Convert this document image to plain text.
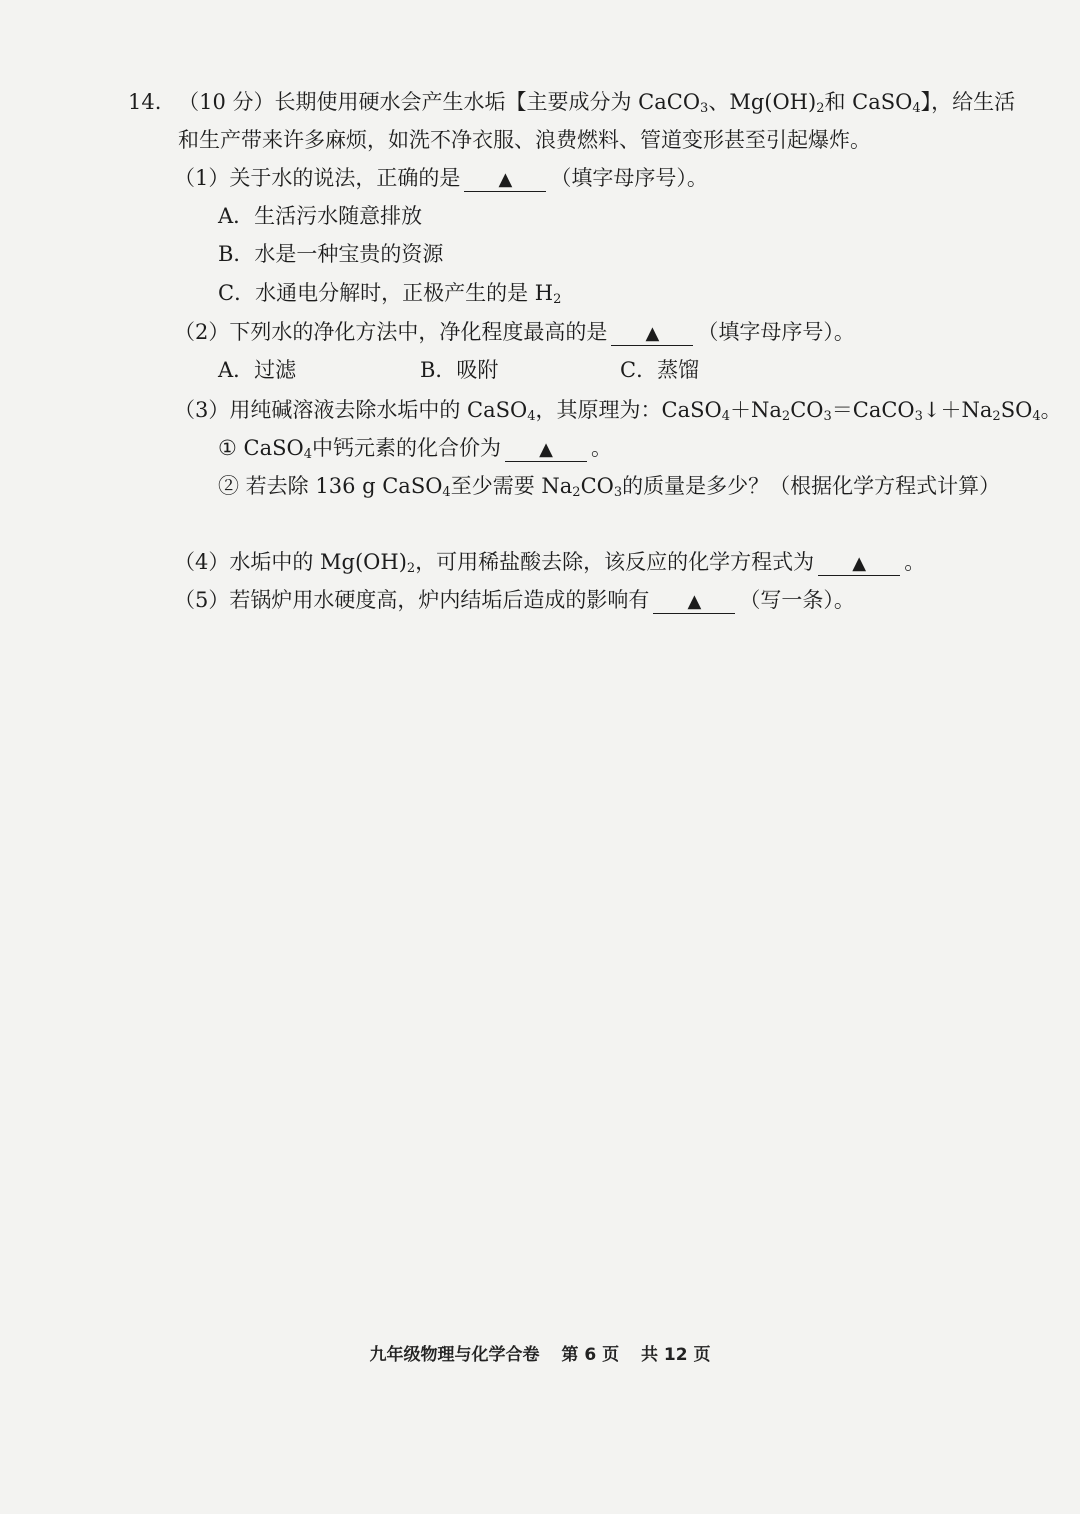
14. （10 分）长期使用硬水会产生水垢【主要成分为 CaCO$_3$、$Mg(OH)_2$和 CaSO$_4$】，给生活
和生产带来许多麻烦，如洗不净衣服、浪费燃料、管道变形甚至引起爆炸。
（1）关于水的说法，正确的是 ▲ （填字母序号）。
A．生活污水随意排放
B．水是一种宝贵的资源
C．水通电分解时，正极产生的是 $H_2$
（2）下列水的净化方法中，净化程度最高的是 ▲ （填字母序号）。
A．过滤	B．吸附	C．蒸馏
（3）用纯碱溶液去除水垢中的 CaSO$_4$，其原理为：$CaSO_4+Na_2CO_3=CaCO_3↓+Na_2SO_4$。
① CaSO$_4$中钙元素的化合价为 ▲ 。
② 若去除 136 g CaSO$_4$至少需要 $Na_2CO_3$的质量是多少？（根据化学方程式计算）
（4）水垢中的 $Mg(OH)_2$，可用稀盐酸去除，该反应的化学方程式为 ▲ 。
（5）若锅炉用水硬度高，炉内结垢后造成的影响有 ▲ （写一条）。
九年级物理与化学合卷 第 6 页 共 12 页
